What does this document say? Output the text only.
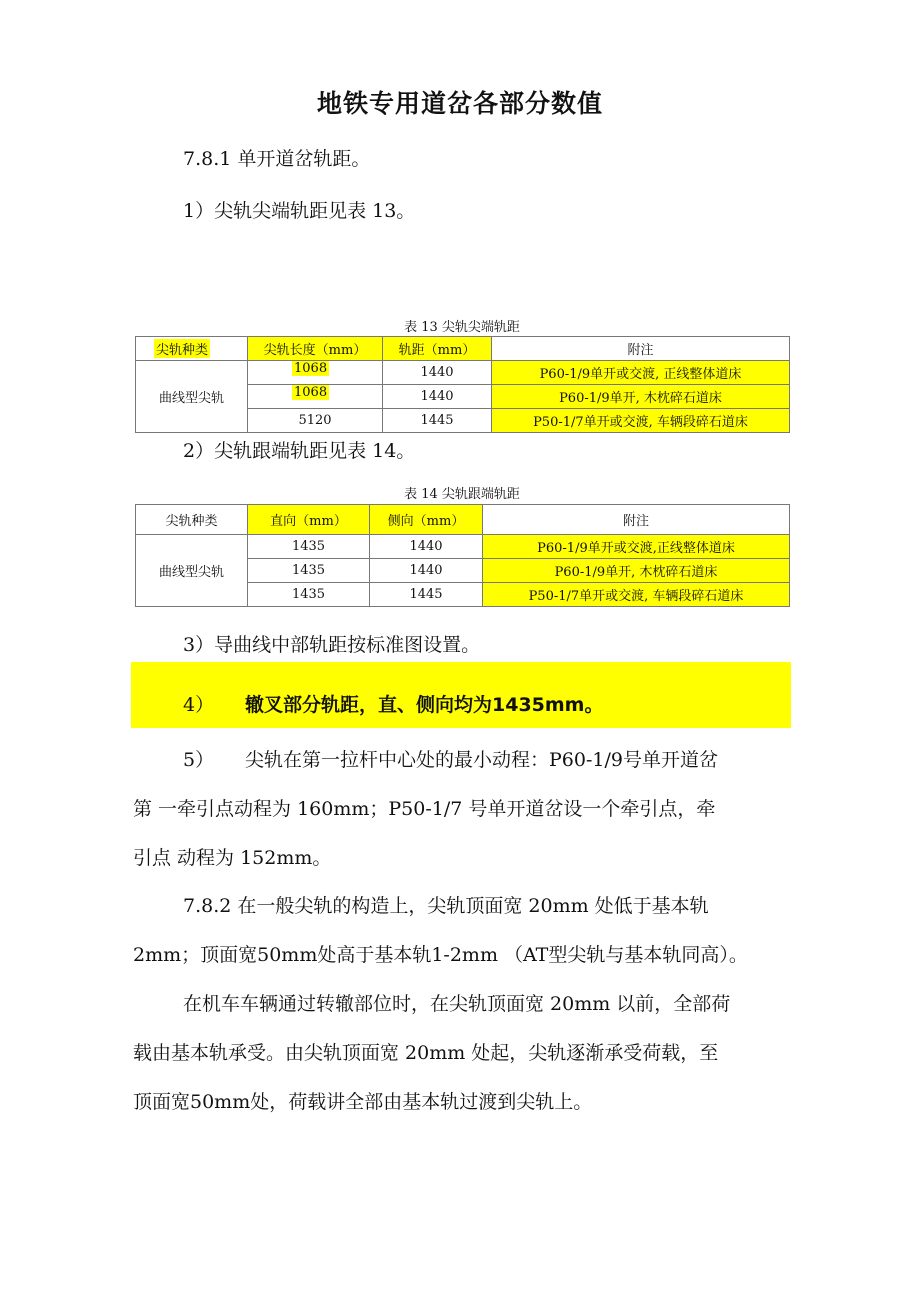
地铁专用道岔各部分数值
7.8.1 单开道岔轨距。
1）尖轨尖端轨距见表 13。
表 13 尖轨尖端轨距
尖轨种类	尖轨长度（mm）	轨距（mm）	附注
曲线型尖轨	1068	1440	P60-1/9单开或交渡, 正线整体道床
	1068	1440	P60-1/9单开, 木枕碎石道床
	5120	1445	P50-1/7单开或交渡, 车辆段碎石道床
2）尖轨跟端轨距见表 14。
表 14 尖轨跟端轨距
尖轨种类	直向（mm）	侧向（mm）	附注
曲线型尖轨	1435	1440	P60-1/9单开或交渡,正线整体道床
	1435	1440	P60-1/9单开, 木枕碎石道床
	1435	1445	P50-1/7单开或交渡, 车辆段碎石道床
3）导曲线中部轨距按标准图设置。
4） 辙叉部分轨距，直、侧向均为1435mm。
5） 尖轨在第一拉杆中心处的最小动程：P60-1/9号单开道岔
第 一牵引点动程为 160mm；P50-1/7 号单开道岔设一个牵引点，牵
引点 动程为 152mm。
7.8.2 在一般尖轨的构造上，尖轨顶面宽 20mm 处低于基本轨
2mm；顶面宽50mm处高于基本轨1-2mm （AT型尖轨与基本轨同高）。
在机车车辆通过转辙部位时，在尖轨顶面宽 20mm 以前，全部荷
载由基本轨承受。由尖轨顶面宽 20mm 处起，尖轨逐渐承受荷载，至
顶面宽50mm处，荷载讲全部由基本轨过渡到尖轨上。
